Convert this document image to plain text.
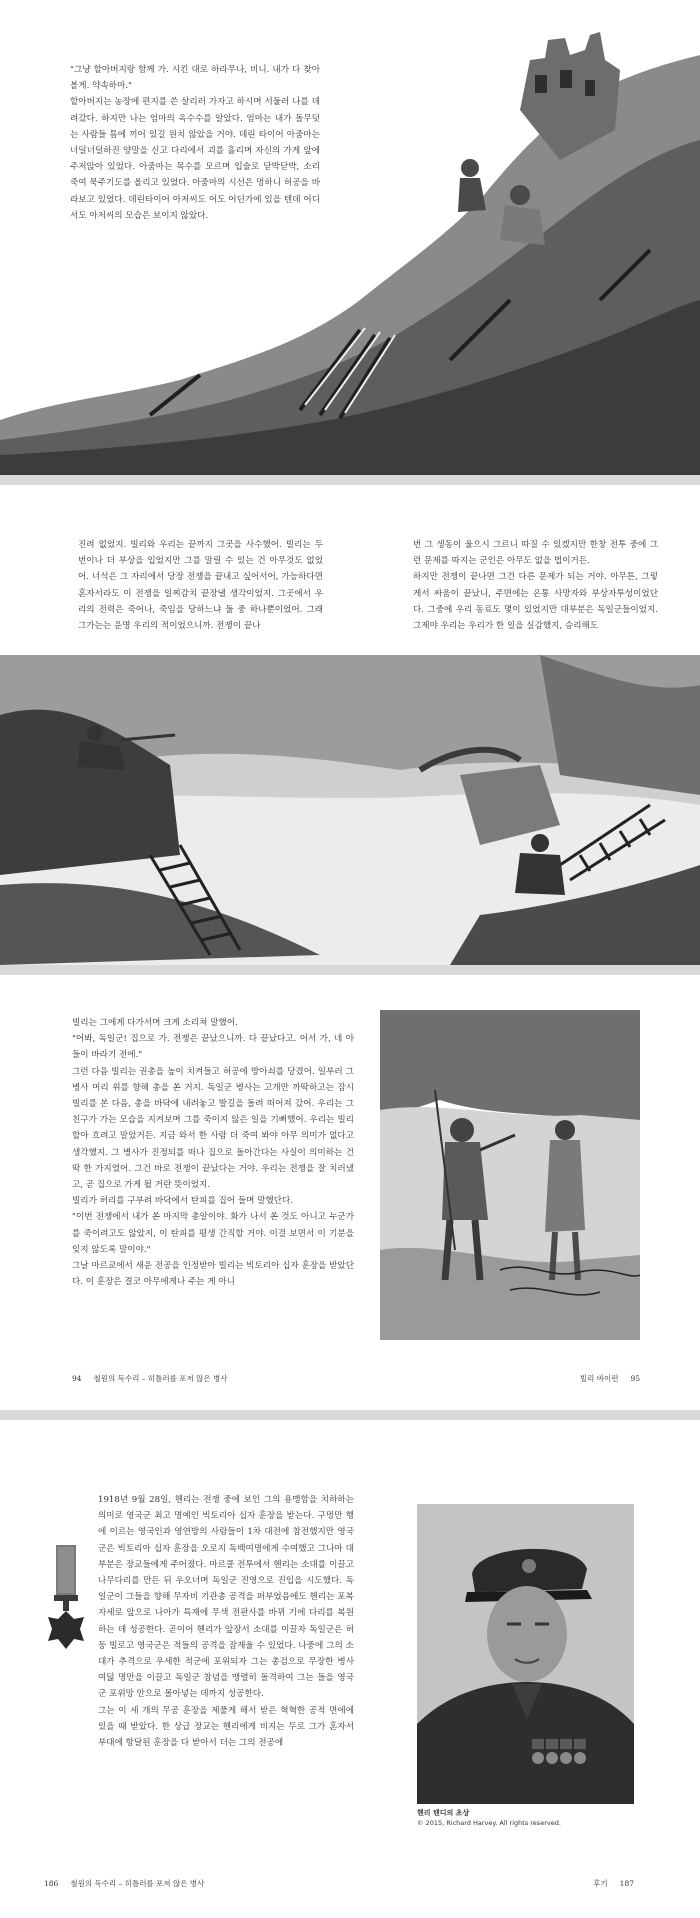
"그냥 할아버지랑 함께 가. 시킨 대로 하라무나, 비니. 내가 다 찾아볼게. 약속하마."
할아버지는 농장에 편지를 쓴 살리러 가자고 하시며 서둘러 나를 데려갔다. 하지만 나는 엄마의 옥수수를 알았다. 엄마는 내가 돌무덧는 사람들 틈에 끼어 있길 원치 않았을 거야. 데린 타이어 아줌마는 너덜너덜하진 양말을 신고 다리에서 괴를 흘리며 자신의 가게 앞에 주저앉아 있었다. 아줌마는 목수를 모르며 입술로 닫박닫박, 소리 죽여 묵주기도를 올리고 있었다. 아줌마의 시선은 멍하니 허공을 바라보고 있었다. 데린타이어 아저씨도 어도 어딘가에 있을 텐데 어디서도 아저씨의 모습은 보이지 않았다.
진려 없었지. 빌리와 우리는 끝까지 그곳을 사수했어. 빌리는 두 번이나 더 부상을 입었지만 그를 말릴 수 있는 건 아무것도 없었어. 너석은 그 자리에서 당장 전쟁을 끝내고 싶어서어, 가능하다면 혼자서라도 이 전쟁을 일찌감치 끝장낼 생각이었지. 그곳에서 우리의 전력은 죽어나, 죽임을 당하느냐 둘 중 하나뿐이었어. 그래 그가는는 운명 우리의 적이었으니까. 전쟁이 끝나
번 그 생동이 울으시 그르니 따질 수 있겠지만 한창 전투 중에 그런 문제를 따지는 군인은 아무도 없을 법이거든.
하지만 전쟁이 끝나면 그건 다른 문제가 되는 거야. 아무튼, 그렇게서 싸움이 끝났니, 주면에는 온통 사망자와 부상자투성이었단다. 그중에 우리 동료도 몇이 있었지만 대부분은 독일군들이었지. 그제야 우리는 우리가 한 일을 실감했지, 승리해도
빌리는 그에게 다가서며 크게 소리쳐 말했어.
"어봐, 독일군! 집으로 가. 전쟁은 끝났으니까. 다 끝났다고. 어서 가, 네 아들이 바라기 전에."
그런 다음 빌리는 권총을 높이 치켜들고 허공에 방아쇠를 당겼어. 일부러 그 병사 머리 위를 향해 총을 쏜 거지. 독일군 병사는 고개만 까딱하고는 잠시 빌리를 본 다음, 총을 바닥에 내려놓고 발길을 돌려 떠어져 갔어. 우리는 그 친구가 가는 모습을 지켜보며 그를 죽이지 않은 일을 기뻐했어. 우리는 빌리 할아 흐려고 말았거든. 지금 와서 한 사람 더 죽여 봐야 아무 의미가 없다고 생각했지. 그 병사가 진정되를 떠나 집으로 돌아간다는 사실이 의미하는 건 딱 한 가지였어. 그건 바로 전쟁이 끝났다는 거야. 우리는 전쟁을 잘 치러냈고, 곧 집으로 가게 될 거란 뜻이었지.
빌리가 허리를 구부려 바닥에서 탄피를 집어 들며 말했단다.
"이번 전쟁에서 내가 쏜 마지막 총알이야. 화가 나서 쏜 것도 아니고 누군가를 죽이려고도 않았지, 이 탄피를 평생 간직할 거야. 이걸 보면서 이 기분을 잊지 않도록 말이야."
그날 마르쿄에서 새운 전공을 인정받아 빌리는 빅토리아 십자 훈장을 받았단다. 이 훈장은 결코 아무에게나 주는 게 아니
94 철원의 독수리 – 히틀러를 포저 않은 병사	빌리 바이런 95
1918년 9월 28일, 헨리는 전쟁 중에 보인 그의 용맹함을 치하하는 의미로 영국군 최고 명예인 빅토리아 십자 훈장을 받는다. 구멍만 행에 이르는 영국인과 영연방의 사람들이 1차 대전에 참전했지만 영국군은 빅토리아 십자 훈장을 오로지 독백여명에게 수여했고 그나마 대부분은 장교들에게 주어졌다. 마르쿨 전투에서 헨리는 소대를 이끌고 나무다리를 만든 뒤 우오너며 독일군 진영으로 진입을 시도했다. 독일군이 그들을 향해 무자비 기관총 공격을 퍼부었음에도 헨리는 포복 자세로 앞으로 나아가 특재에 무색 전판사를 바뀌 기에 다리를 복원하는 데 성공한다. 곧이어 헨리가 앞장서 소대를 이끌자 독일군은 허둥 빌로고 영국군은 적들의 공격을 잠재울 수 있었다. 나중에 그의 소대가 추격으로 우세한 적군에 포위되자 그는 총검으로 무장한 병사 여덟 명만을 이끌고 독일군 참념을 맹렬히 돌격하여 그는 들을 영국군 포위망 안으로 몰아넣는 데까지 성공한다.
그는 이 세 개의 무공 훈장을 제풀게 해서 받은 혁혁한 공적 면에에 있을 때 받았다. 한 상급 장교는 헨리에게 비지는 두로 그가 혼자서 부대에 항달된 훈장을 다 받아서 더는 그의 전공에
헨리 탠디의 초상
© 2015, Richard Harvey. All rights reserved.
186 철원의 독수리 – 히틀러를 포저 않은 병사	후기 187
